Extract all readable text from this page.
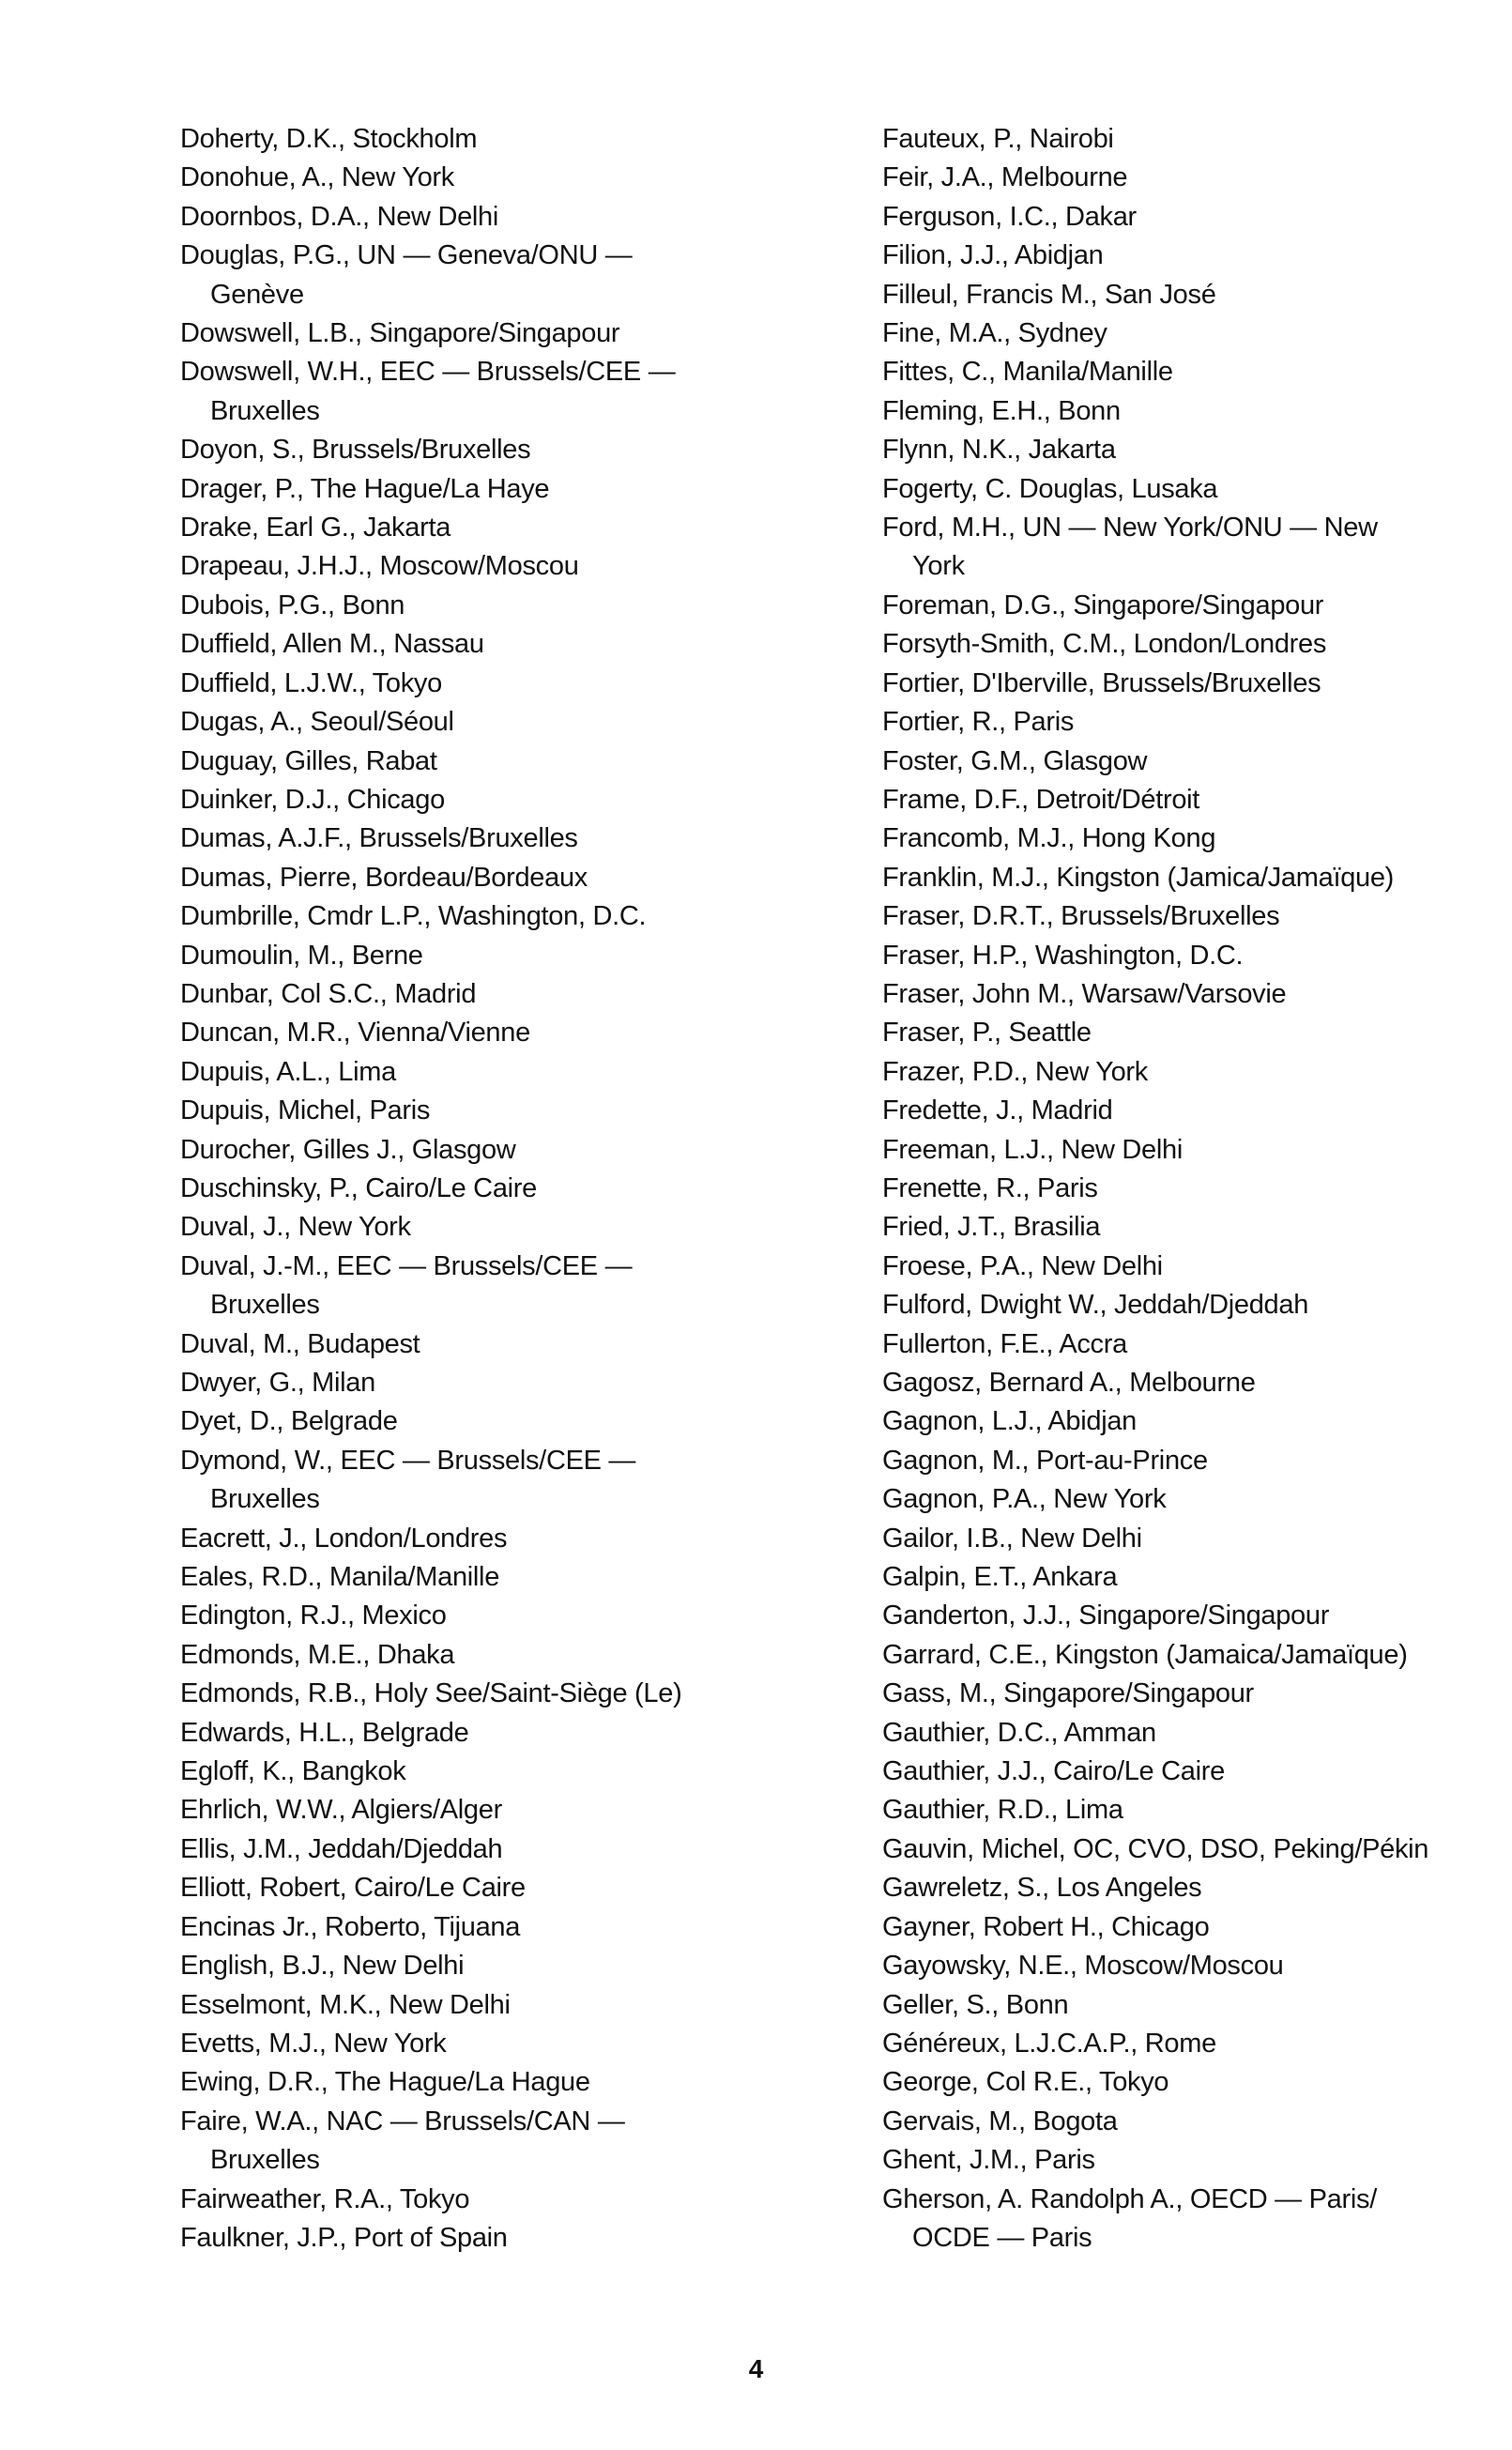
Doherty, D.K., Stockholm
Donohue, A., New York
Doornbos, D.A., New Delhi
Douglas, P.G., UN — Geneva/ONU —
Genève
Dowswell, L.B., Singapore/Singapour
Dowswell, W.H., EEC — Brussels/CEE —
Bruxelles
Doyon, S., Brussels/Bruxelles
Drager, P., The Hague/La Haye
Drake, Earl G., Jakarta
Drapeau, J.H.J., Moscow/Moscou
Dubois, P.G., Bonn
Duffield, Allen M., Nassau
Duffield, L.J.W., Tokyo
Dugas, A., Seoul/Séoul
Duguay, Gilles, Rabat
Duinker, D.J., Chicago
Dumas, A.J.F., Brussels/Bruxelles
Dumas, Pierre, Bordeau/Bordeaux
Dumbrille, Cmdr L.P., Washington, D.C.
Dumoulin, M., Berne
Dunbar, Col S.C., Madrid
Duncan, M.R., Vienna/Vienne
Dupuis, A.L., Lima
Dupuis, Michel, Paris
Durocher, Gilles J., Glasgow
Duschinsky, P., Cairo/Le Caire
Duval, J., New York
Duval, J.-M., EEC — Brussels/CEE —
Bruxelles
Duval, M., Budapest
Dwyer, G., Milan
Dyet, D., Belgrade
Dymond, W., EEC — Brussels/CEE —
Bruxelles
Eacrett, J., London/Londres
Eales, R.D., Manila/Manille
Edington, R.J., Mexico
Edmonds, M.E., Dhaka
Edmonds, R.B., Holy See/Saint-Siège (Le)
Edwards, H.L., Belgrade
Egloff, K., Bangkok
Ehrlich, W.W., Algiers/Alger
Ellis, J.M., Jeddah/Djeddah
Elliott, Robert, Cairo/Le Caire
Encinas Jr., Roberto, Tijuana
English, B.J., New Delhi
Esselmont, M.K., New Delhi
Evetts, M.J., New York
Ewing, D.R., The Hague/La Hague
Faire, W.A., NAC — Brussels/CAN —
Bruxelles
Fairweather, R.A., Tokyo
Faulkner, J.P., Port of Spain
Fauteux, P., Nairobi
Feir, J.A., Melbourne
Ferguson, I.C., Dakar
Filion, J.J., Abidjan
Filleul, Francis M., San José
Fine, M.A., Sydney
Fittes, C., Manila/Manille
Fleming, E.H., Bonn
Flynn, N.K., Jakarta
Fogerty, C. Douglas, Lusaka
Ford, M.H., UN — New York/ONU — New
York
Foreman, D.G., Singapore/Singapour
Forsyth-Smith, C.M., London/Londres
Fortier, D'Iberville, Brussels/Bruxelles
Fortier, R., Paris
Foster, G.M., Glasgow
Frame, D.F., Detroit/Détroit
Francomb, M.J., Hong Kong
Franklin, M.J., Kingston (Jamica/Jamaïque)
Fraser, D.R.T., Brussels/Bruxelles
Fraser, H.P., Washington, D.C.
Fraser, John M., Warsaw/Varsovie
Fraser, P., Seattle
Frazer, P.D., New York
Fredette, J., Madrid
Freeman, L.J., New Delhi
Frenette, R., Paris
Fried, J.T., Brasilia
Froese, P.A., New Delhi
Fulford, Dwight W., Jeddah/Djeddah
Fullerton, F.E., Accra
Gagosz, Bernard A., Melbourne
Gagnon, L.J., Abidjan
Gagnon, M., Port-au-Prince
Gagnon, P.A., New York
Gailor, I.B., New Delhi
Galpin, E.T., Ankara
Ganderton, J.J., Singapore/Singapour
Garrard, C.E., Kingston (Jamaica/Jamaïque)
Gass, M., Singapore/Singapour
Gauthier, D.C., Amman
Gauthier, J.J., Cairo/Le Caire
Gauthier, R.D., Lima
Gauvin, Michel, OC, CVO, DSO, Peking/Pékin
Gawreletz, S., Los Angeles
Gayner, Robert H., Chicago
Gayowsky, N.E., Moscow/Moscou
Geller, S., Bonn
Généreux, L.J.C.A.P., Rome
George, Col R.E., Tokyo
Gervais, M., Bogota
Ghent, J.M., Paris
Gherson, A. Randolph A., OECD — Paris/
OCDE — Paris
4
